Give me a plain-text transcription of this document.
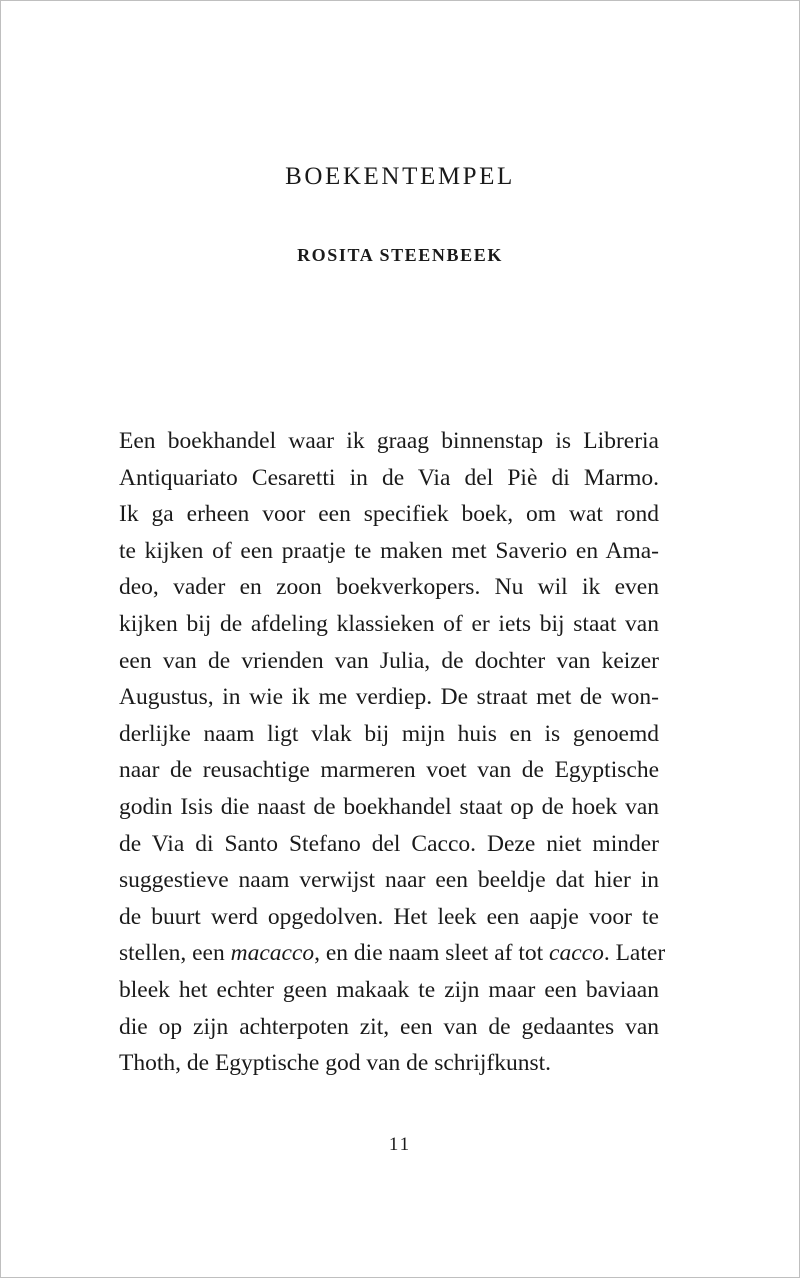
BOEKENTEMPEL
ROSITA STEENBEEK
Een boekhandel waar ik graag binnenstap is Libreria
Antiquariato Cesaretti in de Via del Piè di Marmo.
Ik ga erheen voor een specifiek boek, om wat rond
te kijken of een praatje te maken met Saverio en Ama-
deo, vader en zoon boekverkopers. Nu wil ik even
kijken bij de afdeling klassieken of er iets bij staat van
een van de vrienden van Julia, de dochter van keizer
Augustus, in wie ik me verdiep. De straat met de won-
derlijke naam ligt vlak bij mijn huis en is genoemd
naar de reusachtige marmeren voet van de Egyptische
godin Isis die naast de boekhandel staat op de hoek van
de Via di Santo Stefano del Cacco. Deze niet minder
suggestieve naam verwijst naar een beeldje dat hier in
de buurt werd opgedolven. Het leek een aapje voor te
stellen, een macacco, en die naam sleet af tot cacco. Later
bleek het echter geen makaak te zijn maar een baviaan
die op zijn achterpoten zit, een van de gedaantes van
Thoth, de Egyptische god van de schrijfkunst.
11
